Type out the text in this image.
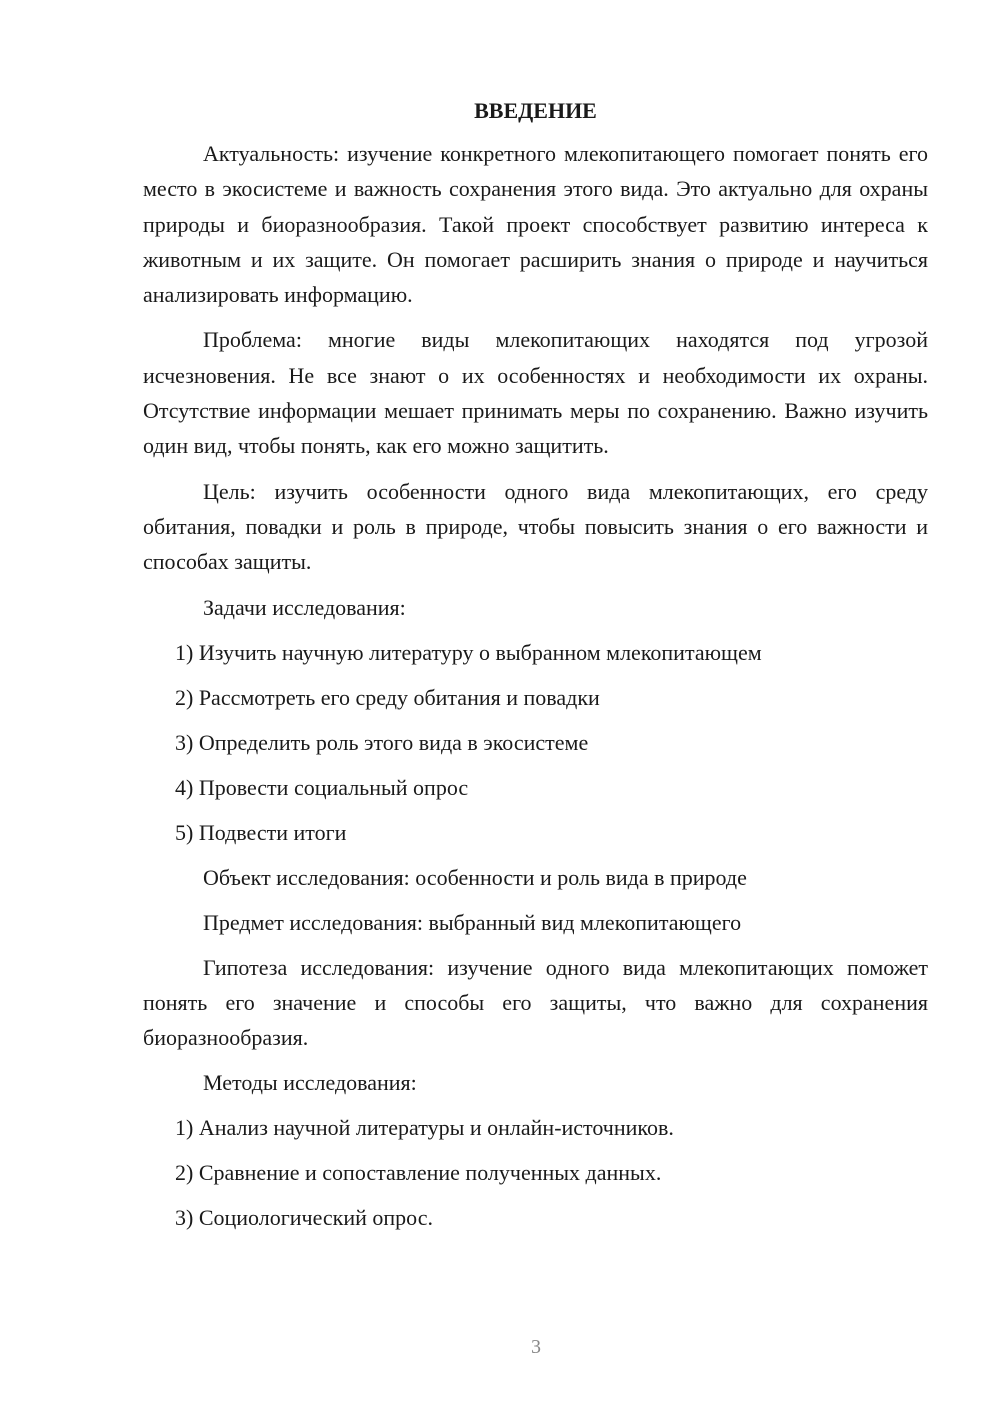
ВВЕДЕНИЕ
Актуальность: изучение конкретного млекопитающего помогает понять его место в экосистеме и важность сохранения этого вида. Это актуально для охраны природы и биоразнообразия. Такой проект способствует развитию интереса к животным и их защите. Он помогает расширить знания о природе и научиться анализировать информацию.
Проблема: многие виды млекопитающих находятся под угрозой исчезновения. Не все знают о их особенностях и необходимости их охраны. Отсутствие информации мешает принимать меры по сохранению. Важно изучить один вид, чтобы понять, как его можно защитить.
Цель: изучить особенности одного вида млекопитающих, его среду обитания, повадки и роль в природе, чтобы повысить знания о его важности и способах защиты.
Задачи исследования:
1) Изучить научную литературу о выбранном млекопитающем
2) Рассмотреть его среду обитания и повадки
3) Определить роль этого вида в экосистеме
4) Провести социальный опрос
5) Подвести итоги
Объект исследования: особенности и роль вида в природе
Предмет исследования: выбранный вид млекопитающего
Гипотеза исследования: изучение одного вида млекопитающих поможет понять его значение и способы его защиты, что важно для сохранения биоразнообразия.
Методы исследования:
1) Анализ научной литературы и онлайн-источников.
2) Сравнение и сопоставление полученных данных.
3) Социологический опрос.
3
